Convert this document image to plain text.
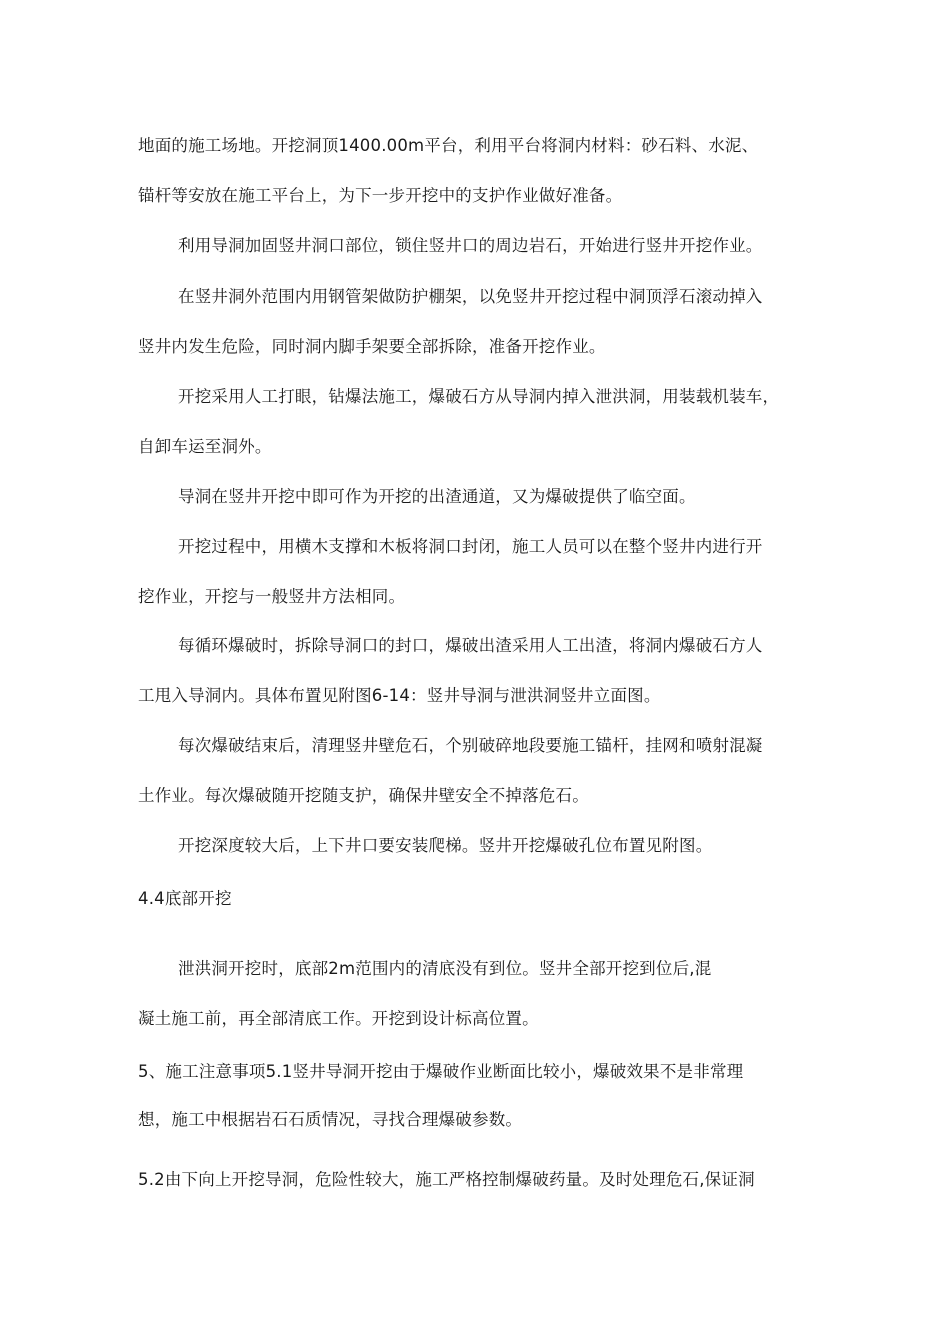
地面的施工场地。开挖洞顶1400.00m平台，利用平台将洞内材料：砂石料、水泥、
锚杆等安放在施工平台上，为下一步开挖中的支护作业做好准备。
利用导洞加固竖井洞口部位，锁住竖井口的周边岩石，开始进行竖井开挖作业。
在竖井洞外范围内用钢管架做防护棚架，以免竖井开挖过程中洞顶浮石滚动掉入
竖井内发生危险，同时洞内脚手架要全部拆除，准备开挖作业。
开挖采用人工打眼，钻爆法施工，爆破石方从导洞内掉入泄洪洞，用装载机装车，
自卸车运至洞外。
导洞在竖井开挖中即可作为开挖的出渣通道，又为爆破提供了临空面。
开挖过程中，用横木支撑和木板将洞口封闭，施工人员可以在整个竖井内进行开
挖作业，开挖与一般竖井方法相同。
每循环爆破时，拆除导洞口的封口，爆破出渣采用人工出渣，将洞内爆破石方人
工甩入导洞内。具体布置见附图6-14：竖井导洞与泄洪洞竖井立面图。
每次爆破结束后，清理竖井壁危石，个别破碎地段要施工锚杆，挂网和喷射混凝
土作业。每次爆破随开挖随支护，确保井壁安全不掉落危石。
开挖深度较大后，上下井口要安装爬梯。竖井开挖爆破孔位布置见附图。
4.4底部开挖
泄洪洞开挖时，底部2m范围内的清底没有到位。竖井全部开挖到位后,混
凝土施工前，再全部清底工作。开挖到设计标高位置。
5、施工注意事项5.1竖井导洞开挖由于爆破作业断面比较小，爆破效果不是非常理
想，施工中根据岩石石质情况，寻找合理爆破参数。
5.2由下向上开挖导洞，危险性较大，施工严格控制爆破药量。及时处理危石,保证洞
